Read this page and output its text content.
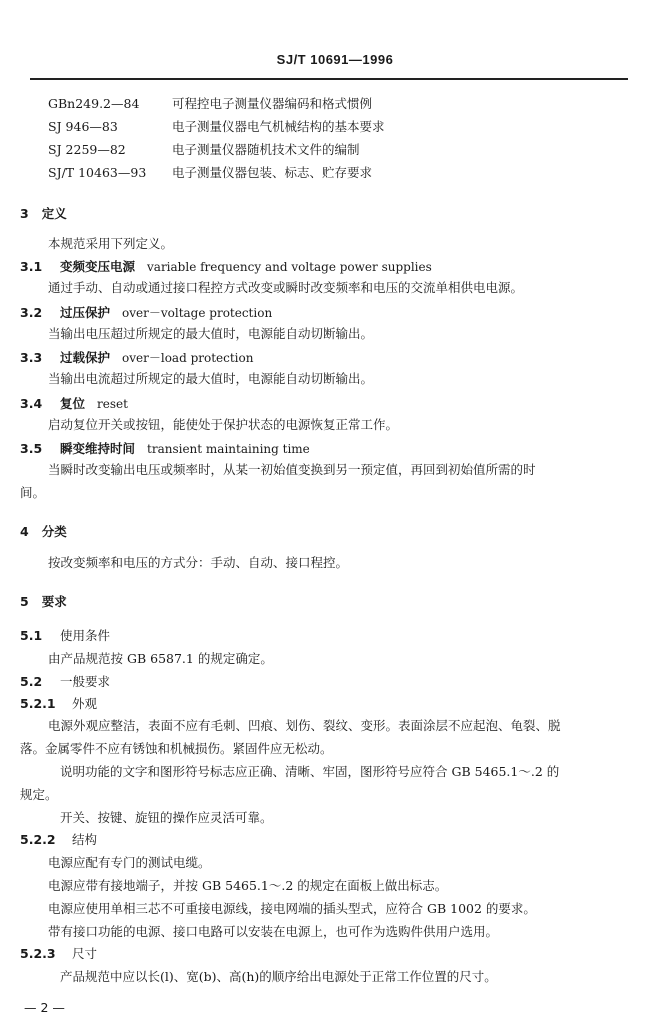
SJ/T 10691—1996
GBn249.2—84	可程控电子测量仪器编码和格式惯例
SJ 946—83	电子测量仪器电气机械结构的基本要求
SJ 2259—82	电子测量仪器随机技术文件的编制
SJ/T 10463—93 电子测量仪器包装、标志、贮存要求
3 定义
本规范采用下列定义。
3.1 变频变压电源 variable frequency and voltage power supplies
通过手动、自动或通过接口程控方式改变或瞬时改变频率和电压的交流单相供电电源。
3.2 过压保护 over－voltage protection
当输出电压超过所规定的最大值时，电源能自动切断输出。
3.3 过载保护 over－load protection
当输出电流超过所规定的最大值时，电源能自动切断输出。
3.4 复位 reset
启动复位开关或按钮，能使处于保护状态的电源恢复正常工作。
3.5 瞬变维持时间 transient maintaining time
当瞬时改变输出电压或频率时，从某一初始值变换到另一预定值，再回到初始值所需的时
间。
4 分类
按改变频率和电压的方式分：手动、自动、接口程控。
5 要求
5.1 使用条件
由产品规范按 GB 6587.1 的规定确定。
5.2 一般要求
5.2.1 外观
电源外观应整洁，表面不应有毛刺、凹痕、划伤、裂纹、变形。表面涂层不应起泡、龟裂、脱
落。金属零件不应有锈蚀和机械损伤。紧固件应无松动。
说明功能的文字和图形符号标志应正确、清晰、牢固，图形符号应符合 GB 5465.1～.2 的
规定。
开关、按键、旋钮的操作应灵活可靠。
5.2.2 结构
电源应配有专门的测试电缆。
电源应带有接地端子，并按 GB 5465.1～.2 的规定在面板上做出标志。
电源应使用单相三芯不可重接电源线，接电网端的插头型式，应符合 GB 1002 的要求。
带有接口功能的电源、接口电路可以安装在电源上，也可作为选购件供用户选用。
5.2.3 尺寸
产品规范中应以长(l)、宽(b)、高(h)的顺序给出电源处于正常工作位置的尺寸。
— 2 —
